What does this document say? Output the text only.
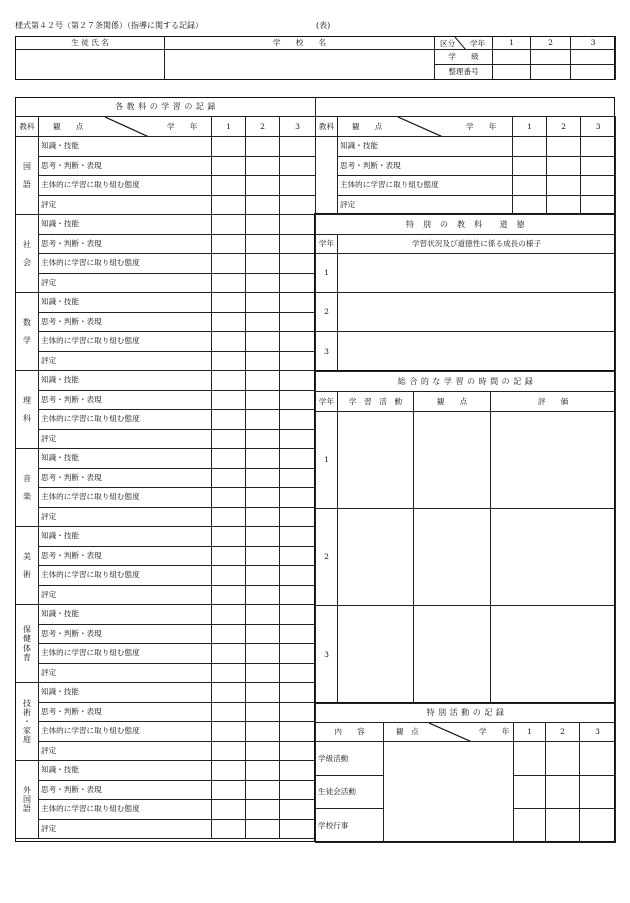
様式第４２号（第２７条関係）（指導に関する記録）	(表)
生 徒 氏 名	学　　校　　名	区分 学年	1	2	3
		学　　級			
		整理番号			
各 教 科 の 学 習 の 記 録				
教科	観　　点 学　　年	1	2	3
国

語	知識・技能			
	思考・判断・表現			
	主体的に学習に取り組む態度			
	評定			
社

会	知識・技能			
	思考・判断・表現			
	主体的に学習に取り組む態度			
	評定			
数

学	知識・技能			
	思考・判断・表現			
	主体的に学習に取り組む態度			
	評定			
理

科	知識・技能			
	思考・判断・表現			
	主体的に学習に取り組む態度			
	評定			
音

楽	知識・技能			
	思考・判断・表現			
	主体的に学習に取り組む態度			
	評定			
美

術	知識・技能			
	思考・判断・表現			
	主体的に学習に取り組む態度			
	評定			
保
健
体
育	知識・技能			
	思考・判断・表現			
	主体的に学習に取り組む態度			
	評定			
技
術
・
家
庭	知識・技能			
	思考・判断・表現			
	主体的に学習に取り組む態度			
	評定			
外
国
語	知識・技能			
	思考・判断・表現			
	主体的に学習に取り組む態度			
	評定			
教科	観　　点 学　　年	1	2	3
	知識・技能			
	思考・判断・表現			
	主体的に学習に取り組む態度			
	評定			
特　別　の　教　科　　道　徳	
学年	学習状況及び道徳性に係る成長の様子
1	
2	
3	
総 合 的 な 学 習 の 時 間 の 記 録			
学年	学　習　活　動	観　　点	評　　価
1			
2			
3			
特 別 活 動 の 記 録				
内　　容	観　点 学　　年	1	2	3
学級活動				
生徒会活動				
学校行事				
